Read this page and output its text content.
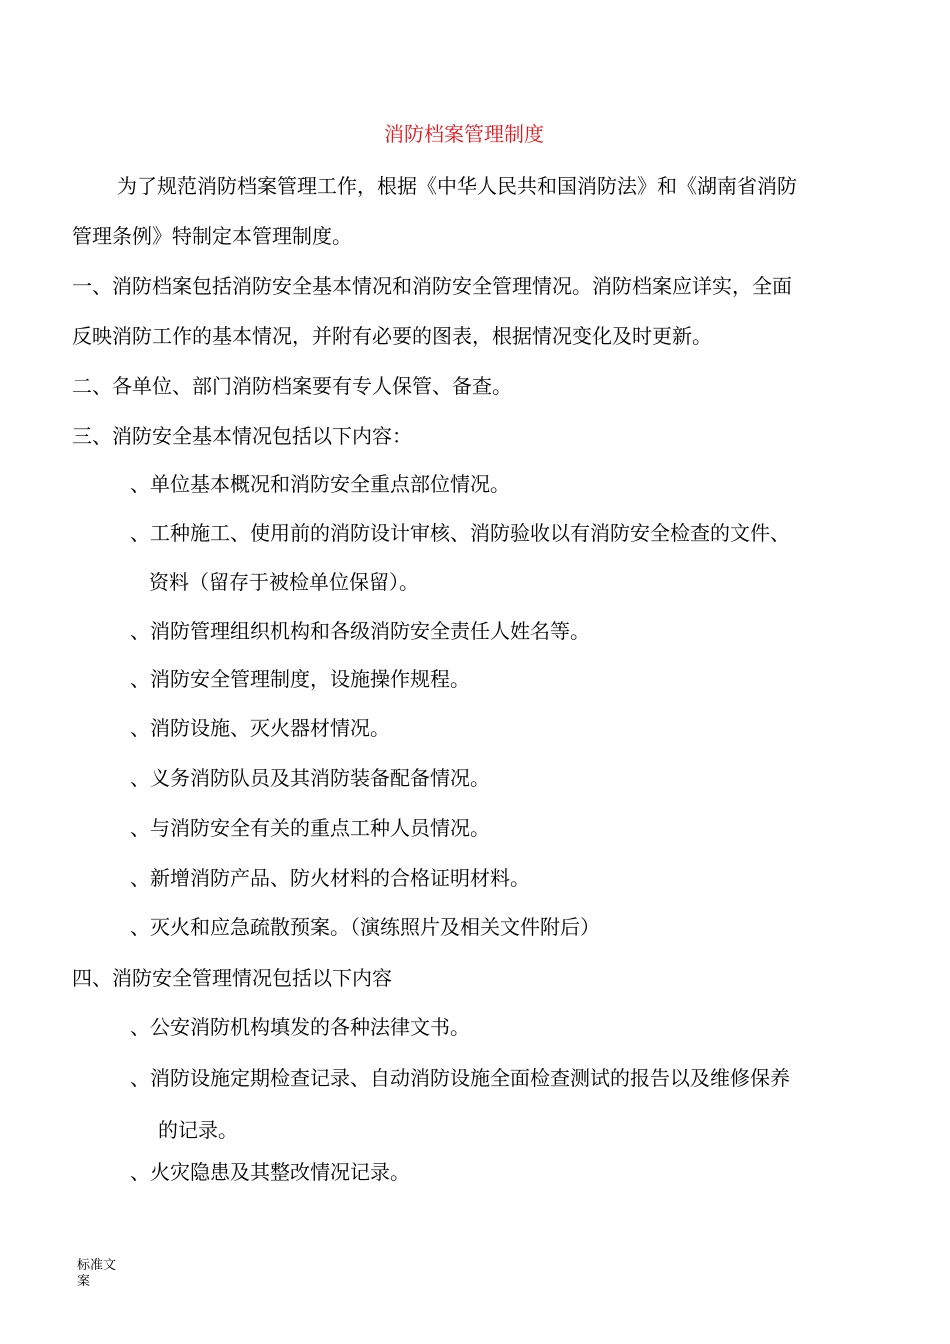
消防档案管理制度
为了规范消防档案管理工作，根据《中华人民共和国消防法》和《湖南省消防
管理条例》特制定本管理制度。
一、消防档案包括消防安全基本情况和消防安全管理情况。消防档案应详实，全面
反映消防工作的基本情况，并附有必要的图表，根据情况变化及时更新。
二、各单位、部门消防档案要有专人保管、备查。
三、消防安全基本情况包括以下内容：
、单位基本概况和消防安全重点部位情况。
、工种施工、使用前的消防设计审核、消防验收以有消防安全检查的文件、
资料（留存于被检单位保留）。
、消防管理组织机构和各级消防安全责任人姓名等。
、消防安全管理制度，设施操作规程。
、消防设施、灭火器材情况。
、义务消防队员及其消防装备配备情况。
、与消防安全有关的重点工种人员情况。
、新增消防产品、防火材料的合格证明材料。
、灭火和应急疏散预案。（演练照片及相关文件附后）
四、消防安全管理情况包括以下内容
、公安消防机构填发的各种法律文书。
、消防设施定期检查记录、自动消防设施全面检查测试的报告以及维修保养
的记录。
、火灾隐患及其整改情况记录。
标准文
案
